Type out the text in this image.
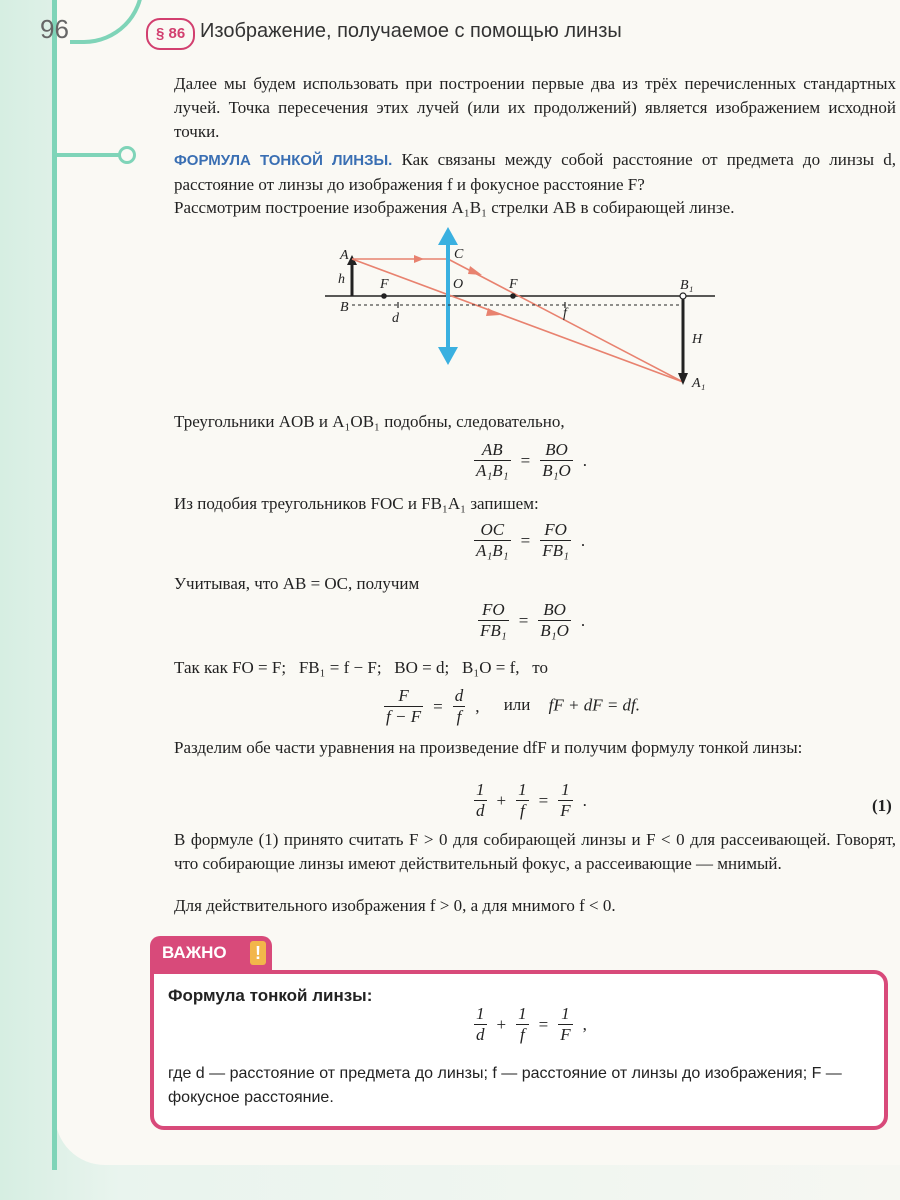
96	§ 86 Изображение, получаемое с помощью линзы
Далее мы будем использовать при построении первые два из трёх перечисленных стандартных лучей. Точка пересечения этих лучей (или их продолжений) является изображением исходной точки.
ФОРМУЛА ТОНКОЙ ЛИНЗЫ. Как связаны между собой расстояние от предмета до линзы d, расстояние от линзы до изображения f и фокусное расстояние F?
Рассмотрим построение изображения A₁B₁ стрелки AB в собирающей линзе.
A
h
B
F
C
O	F	B₁
d	f
H
A₁
Треугольники AOB и A₁OB₁ подобны, следовательно,
$\frac{AB}{\text{A₁B₁}} = \frac{BO}{\text{B₁O}}$ .
Из подобия треугольников FOC и FB₁A₁ запишем:
$\frac{OC}{\text{A₁B₁}} = \frac{FO}{\text{FB₁}}$ .
Учитывая, что AB = OC, получим
$\frac{FO}{\text{FB₁}} = \frac{BO}{\text{B₁O}}$ .
Так как FO = F;   FB₁ = f − F;   BO = d;   B₁O = f,   то
$\frac{F}{f - F} = \frac{d}{f}$ , или fF + dF = df.
Разделим обе части уравнения на произведение dfF и получим формулу тонкой линзы:
$\frac{1}{d} + \frac{1}{f} = \frac{1}{F}$ .	(1)
В формуле (1) принято считать F > 0 для собирающей линзы и F < 0 для рассеивающей. Говорят, что собирающие линзы имеют действительный фокус, а рассеивающие — мнимый.
Для действительного изображения f > 0, а для мнимого f < 0.
ВАЖНО !
Формула тонкой линзы:
$\frac{1}{d} + \frac{1}{f} = \frac{1}{F}$ ,
где d — расстояние от предмета до линзы; f — расстояние от линзы до изображения; F — фокусное расстояние.
